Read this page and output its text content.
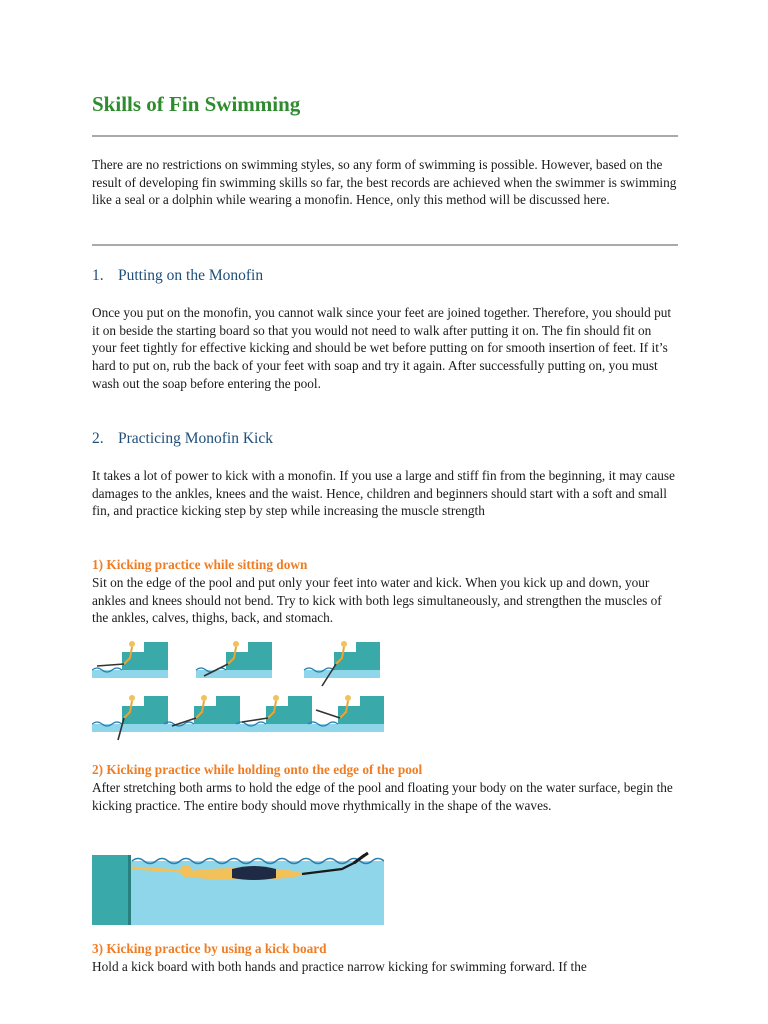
Skills of Fin Swimming

There are no restrictions on swimming styles, so any form of swimming is possible. However, based on the result of developing fin swimming skills so far, the best records are achieved when the swimmer is swimming like a seal or a dolphin while wearing a monofin. Hence, only this method will be discussed here.

1. Putting on the Monofin

Once you put on the monofin, you cannot walk since your feet are joined together. Therefore, you should put it on beside the starting board so that you would not need to walk after putting it on. The fin should fit on your feet tightly for effective kicking and should be wet before putting on for smooth insertion of feet. If it’s hard to put on, rub the back of your feet with soap and try it again. After successfully putting on, you must wash out the soap before entering the pool.

2. Practicing Monofin Kick

It takes a lot of power to kick with a monofin. If you use a large and stiff fin from the beginning, it may cause damages to the ankles, knees and the waist. Hence, children and beginners should start with a soft and small fin, and practice kicking step by step while increasing the muscle strength

1) Kicking practice while sitting down

Sit on the edge of the pool and put only your feet into water and kick. When you kick up and down, your ankles and knees should not bend. Try to kick with both legs simultaneously, and strengthen the muscles of the ankles, calves, thighs, back, and stomach.

2) Kicking practice while holding onto the edge of the pool

After stretching both arms to hold the edge of the pool and floating your body on the water surface, begin the kicking practice. The entire body should move rhythmically in the shape of the waves.

3) Kicking practice by using a kick board

Hold a kick board with both hands and practice narrow kicking for swimming forward. If the
